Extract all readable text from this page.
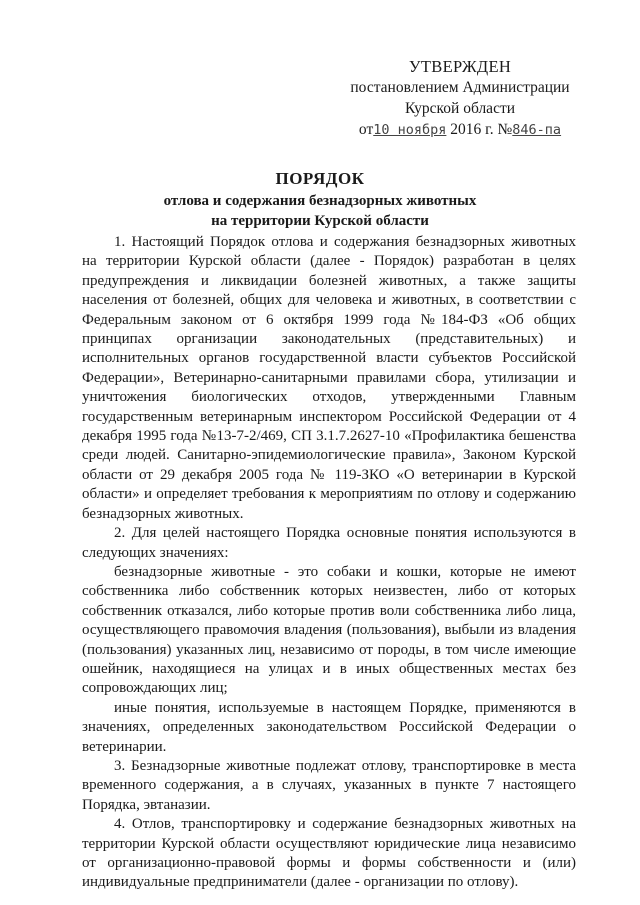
УТВЕРЖДЕН
постановлением Администрации
Курской области
от10 ноября 2016 г. №846-па
ПОРЯДОК
отлова и содержания безнадзорных животных
на территории Курской области

1. Настоящий Порядок отлова и содержания безнадзорных животных на территории Курской области (далее - Порядок) разработан в целях предупреждения и ликвидации болезней животных, а также защиты населения от болезней, общих для человека и животных, в соответствии с Федеральным законом от 6 октября 1999 года №184-ФЗ «Об общих принципах организации законодательных (представительных) и исполнительных органов государственной власти субъектов Российской Федерации», Ветеринарно-санитарными правилами сбора, утилизации и уничтожения биологических отходов, утвержденными Главным государственным ветеринарным инспектором Российской Федерации от 4 декабря 1995 года №13-7-2/469, СП 3.1.7.2627-10 «Профилактика бешенства среди людей. Санитарно-эпидемиологические правила», Законом Курской области от 29 декабря 2005 года № 119-ЗКО «О ветеринарии в Курской области» и определяет требования к мероприятиям по отлову и содержанию безнадзорных животных.

2. Для целей настоящего Порядка основные понятия используются в следующих значениях:

безнадзорные животные - это собаки и кошки, которые не имеют собственника либо собственник которых неизвестен, либо от которых собственник отказался, либо которые против воли собственника либо лица, осуществляющего правомочия владения (пользования), выбыли из владения (пользования) указанных лиц, независимо от породы, в том числе имеющие ошейник, находящиеся на улицах и в иных общественных местах без сопровождающих лиц;

иные понятия, используемые в настоящем Порядке, применяются в значениях, определенных законодательством Российской Федерации о ветеринарии.

3. Безнадзорные животные подлежат отлову, транспортировке в места временного содержания, а в случаях, указанных в пункте 7 настоящего Порядка, эвтаназии.

4. Отлов, транспортировку и содержание безнадзорных животных на территории Курской области осуществляют юридические лица независимо от организационно-правовой формы и формы собственности и (или) индивидуальные предприниматели (далее - организации по отлову).
